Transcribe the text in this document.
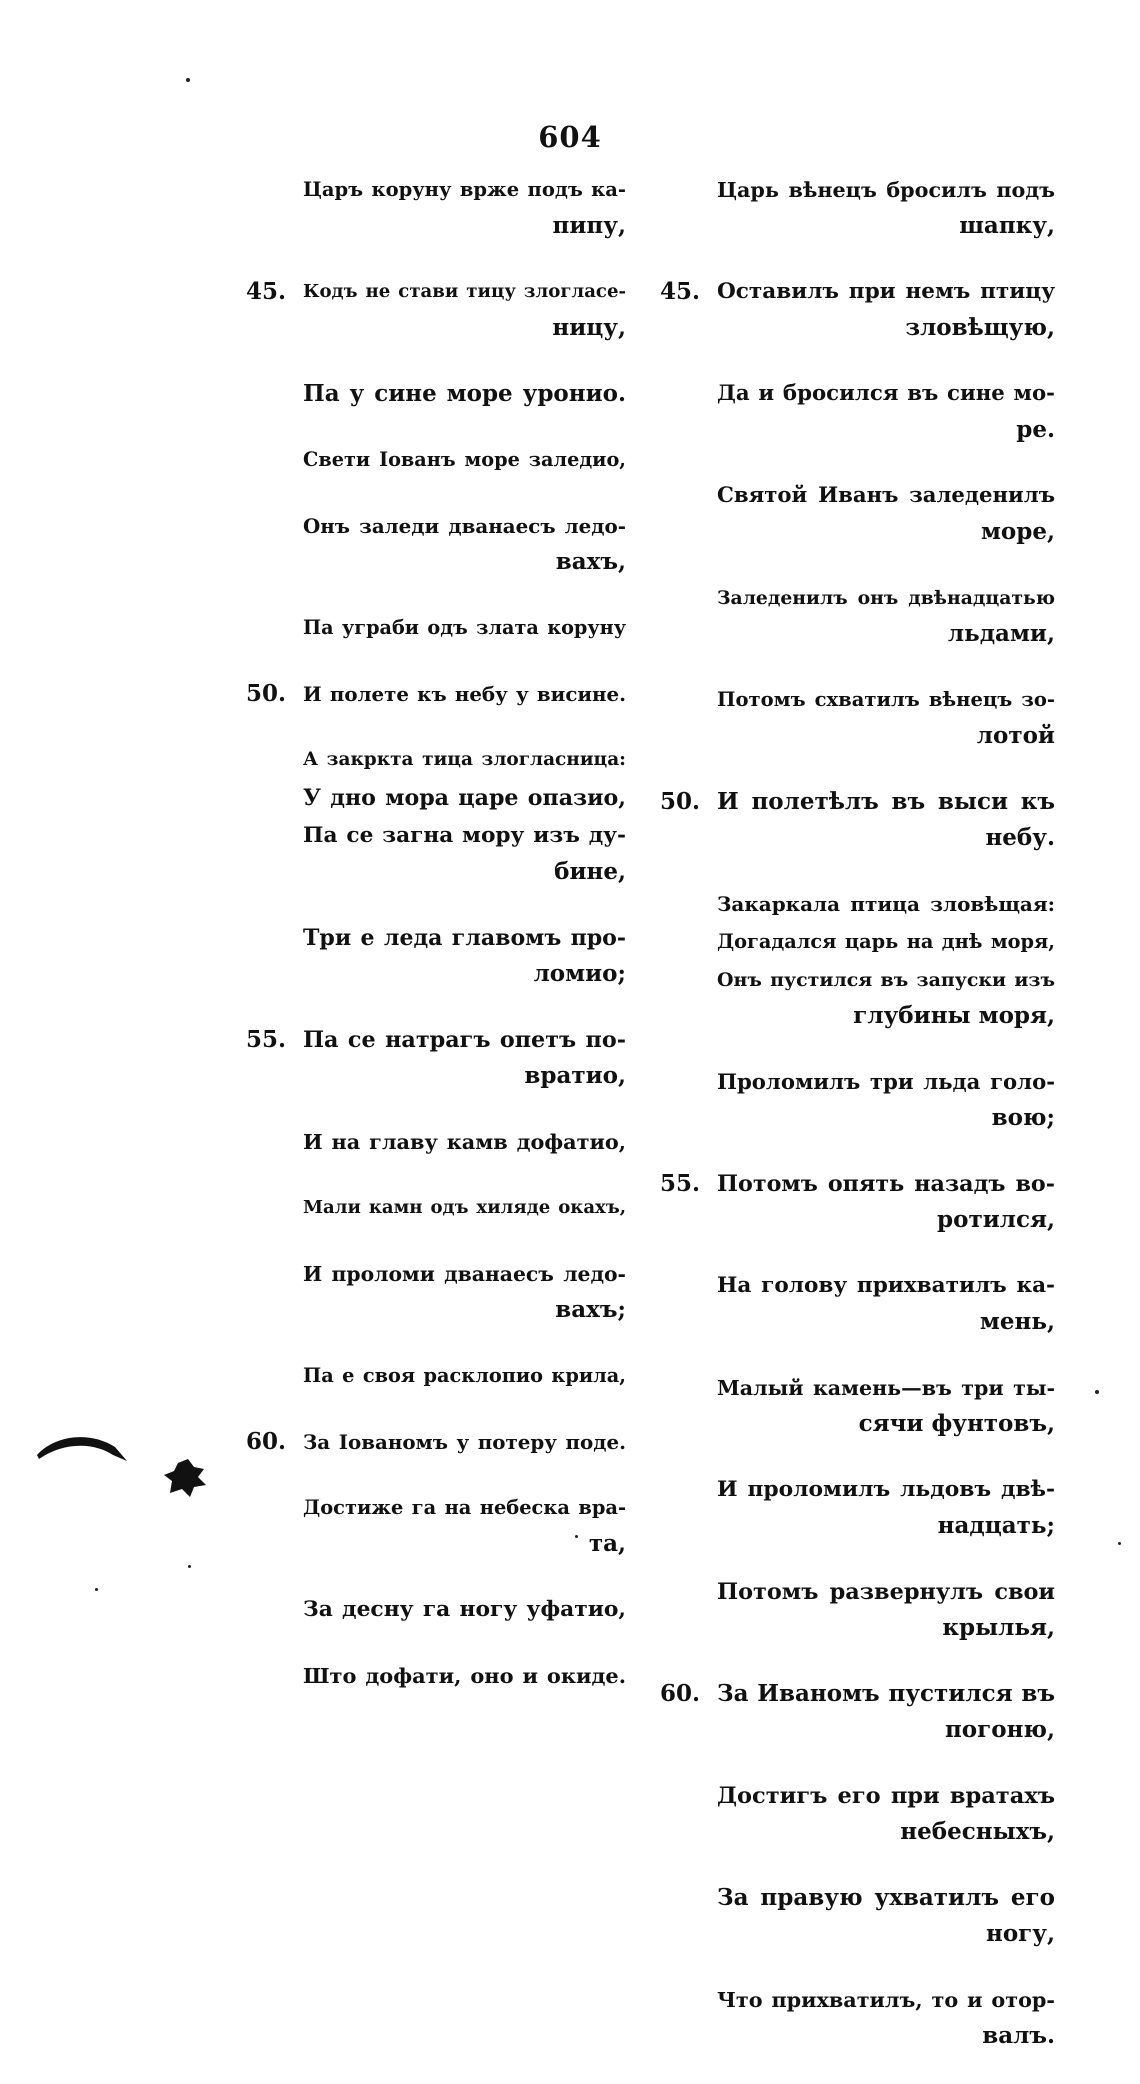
604
Царъ коруну врже подъ ка-
пипу,
45. Кодъ не стави тицу злогласе-
ницу,
Па у сине море уронио.
Свети Іованъ море заледио,
Онъ заледи дванаесъ ледо-
вахъ,
Па уграби одъ злата коруну
50. И полете къ небу у висине.
А закркта тица злогласница:
У дно мора царе опазио,
Па се загна мору изъ ду-
бине,
Три е леда главомъ про-
ломио;
55. Па се натрагъ опетъ по-
вратио,
И на главу камв дофатио,
Мали камн одъ хиляде окахъ,
И проломи дванаесъ ледо-
вахъ;
Па е своя расклопио крила,
60. За Іованомъ у потеру поде.
Достиже га на небеска вра-
та,
За десну га ногу уфатио,
Што дофати, оно и окиде.
Царь вѣнецъ бросилъ подъ
шапку,
45. Оставилъ при немъ птицу
зловѣщую,
Да и бросился въ сине мо-
ре.
Святой Иванъ заледенилъ
море,
Заледенилъ онъ двѣнадцатью
льдами,
Потомъ схватилъ вѣнецъ зо-
лотой
50. И полетѣлъ въ выси къ
небу.
Закаркала птица зловѣщая:
Догадался царь на днѣ моря,
Онъ пустился въ запуски изъ
глубины моря,
Проломилъ три льда голо-
вою;
55. Потомъ опять назадъ во-
ротился,
На голову прихватилъ ка-
мень,
Малый камень—въ три ты-
сячи фунтовъ,
И проломилъ льдовъ двѣ-
надцать;
Потомъ развернулъ свои
крылья,
60. За Иваномъ пустился въ
погоню,
Достигъ его при вратахъ
небесныхъ,
За правую ухватилъ его
ногу,
Что прихватилъ, то и отор-
валъ.
